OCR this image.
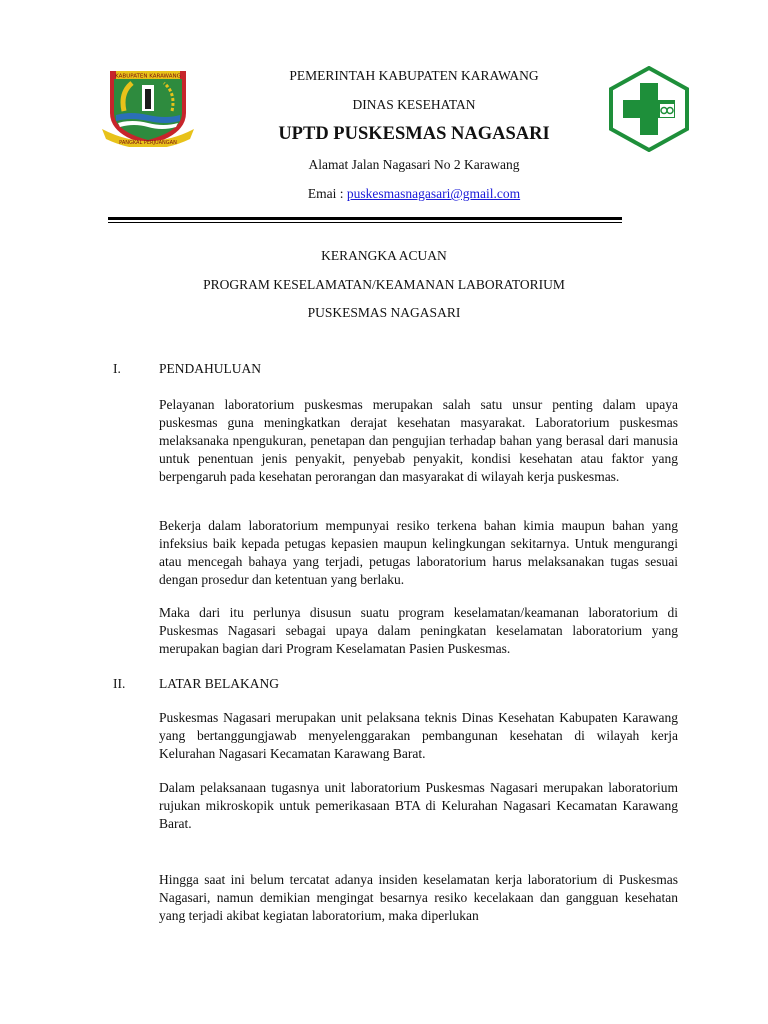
KABUPATEN KARAWANG
PANGKAL PERJUANGAN
PEMERINTAH KABUPATEN KARAWANG
DINAS KESEHATAN
UPTD PUSKESMAS NAGASARI
Alamat Jalan Nagasari No 2 Karawang
Emai : puskesmasnagasari@gmail.com
KERANGKA ACUAN
PROGRAM KESELAMATAN/KEAMANAN LABORATORIUM
PUSKESMAS NAGASARI
I.	PENDAHULUAN

Pelayanan laboratorium puskesmas merupakan salah satu unsur penting dalam upaya puskesmas guna meningkatkan derajat kesehatan masyarakat. Laboratorium puskesmas melaksanaka npengukuran, penetapan dan pengujian terhadap bahan yang berasal dari manusia untuk penentuan jenis penyakit, penyebab penyakit, kondisi kesehatan atau faktor yang berpengaruh pada kesehatan perorangan dan masyarakat di wilayah kerja puskesmas.

Bekerja dalam laboratorium mempunyai resiko terkena bahan kimia maupun bahan yang infeksius baik kepada petugas kepasien maupun kelingkungan sekitarnya. Untuk mengurangi atau mencegah bahaya yang terjadi, petugas laboratorium harus melaksanakan tugas sesuai dengan prosedur dan ketentuan yang berlaku.

Maka dari itu perlunya disusun suatu program keselamatan/keamanan laboratorium di Puskesmas Nagasari sebagai upaya dalam peningkatan keselamatan laboratorium yang merupakan bagian dari Program Keselamatan Pasien Puskesmas.

II. LATAR BELAKANG

Puskesmas Nagasari merupakan unit pelaksana teknis Dinas Kesehatan Kabupaten Karawang yang bertanggungjawab menyelenggarakan pembangunan kesehatan di wilayah kerja Kelurahan Nagasari Kecamatan Karawang Barat.

Dalam pelaksanaan tugasnya unit laboratorium Puskesmas Nagasari merupakan laboratorium rujukan mikroskopik untuk pemerikasaan BTA di Kelurahan Nagasari Kecamatan Karawang Barat.

Hingga saat ini belum tercatat adanya insiden keselamatan kerja laboratorium di Puskesmas Nagasari, namun demikian mengingat besarnya resiko kecelakaan dan gangguan kesehatan yang terjadi akibat kegiatan laboratorium, maka diperlukan
